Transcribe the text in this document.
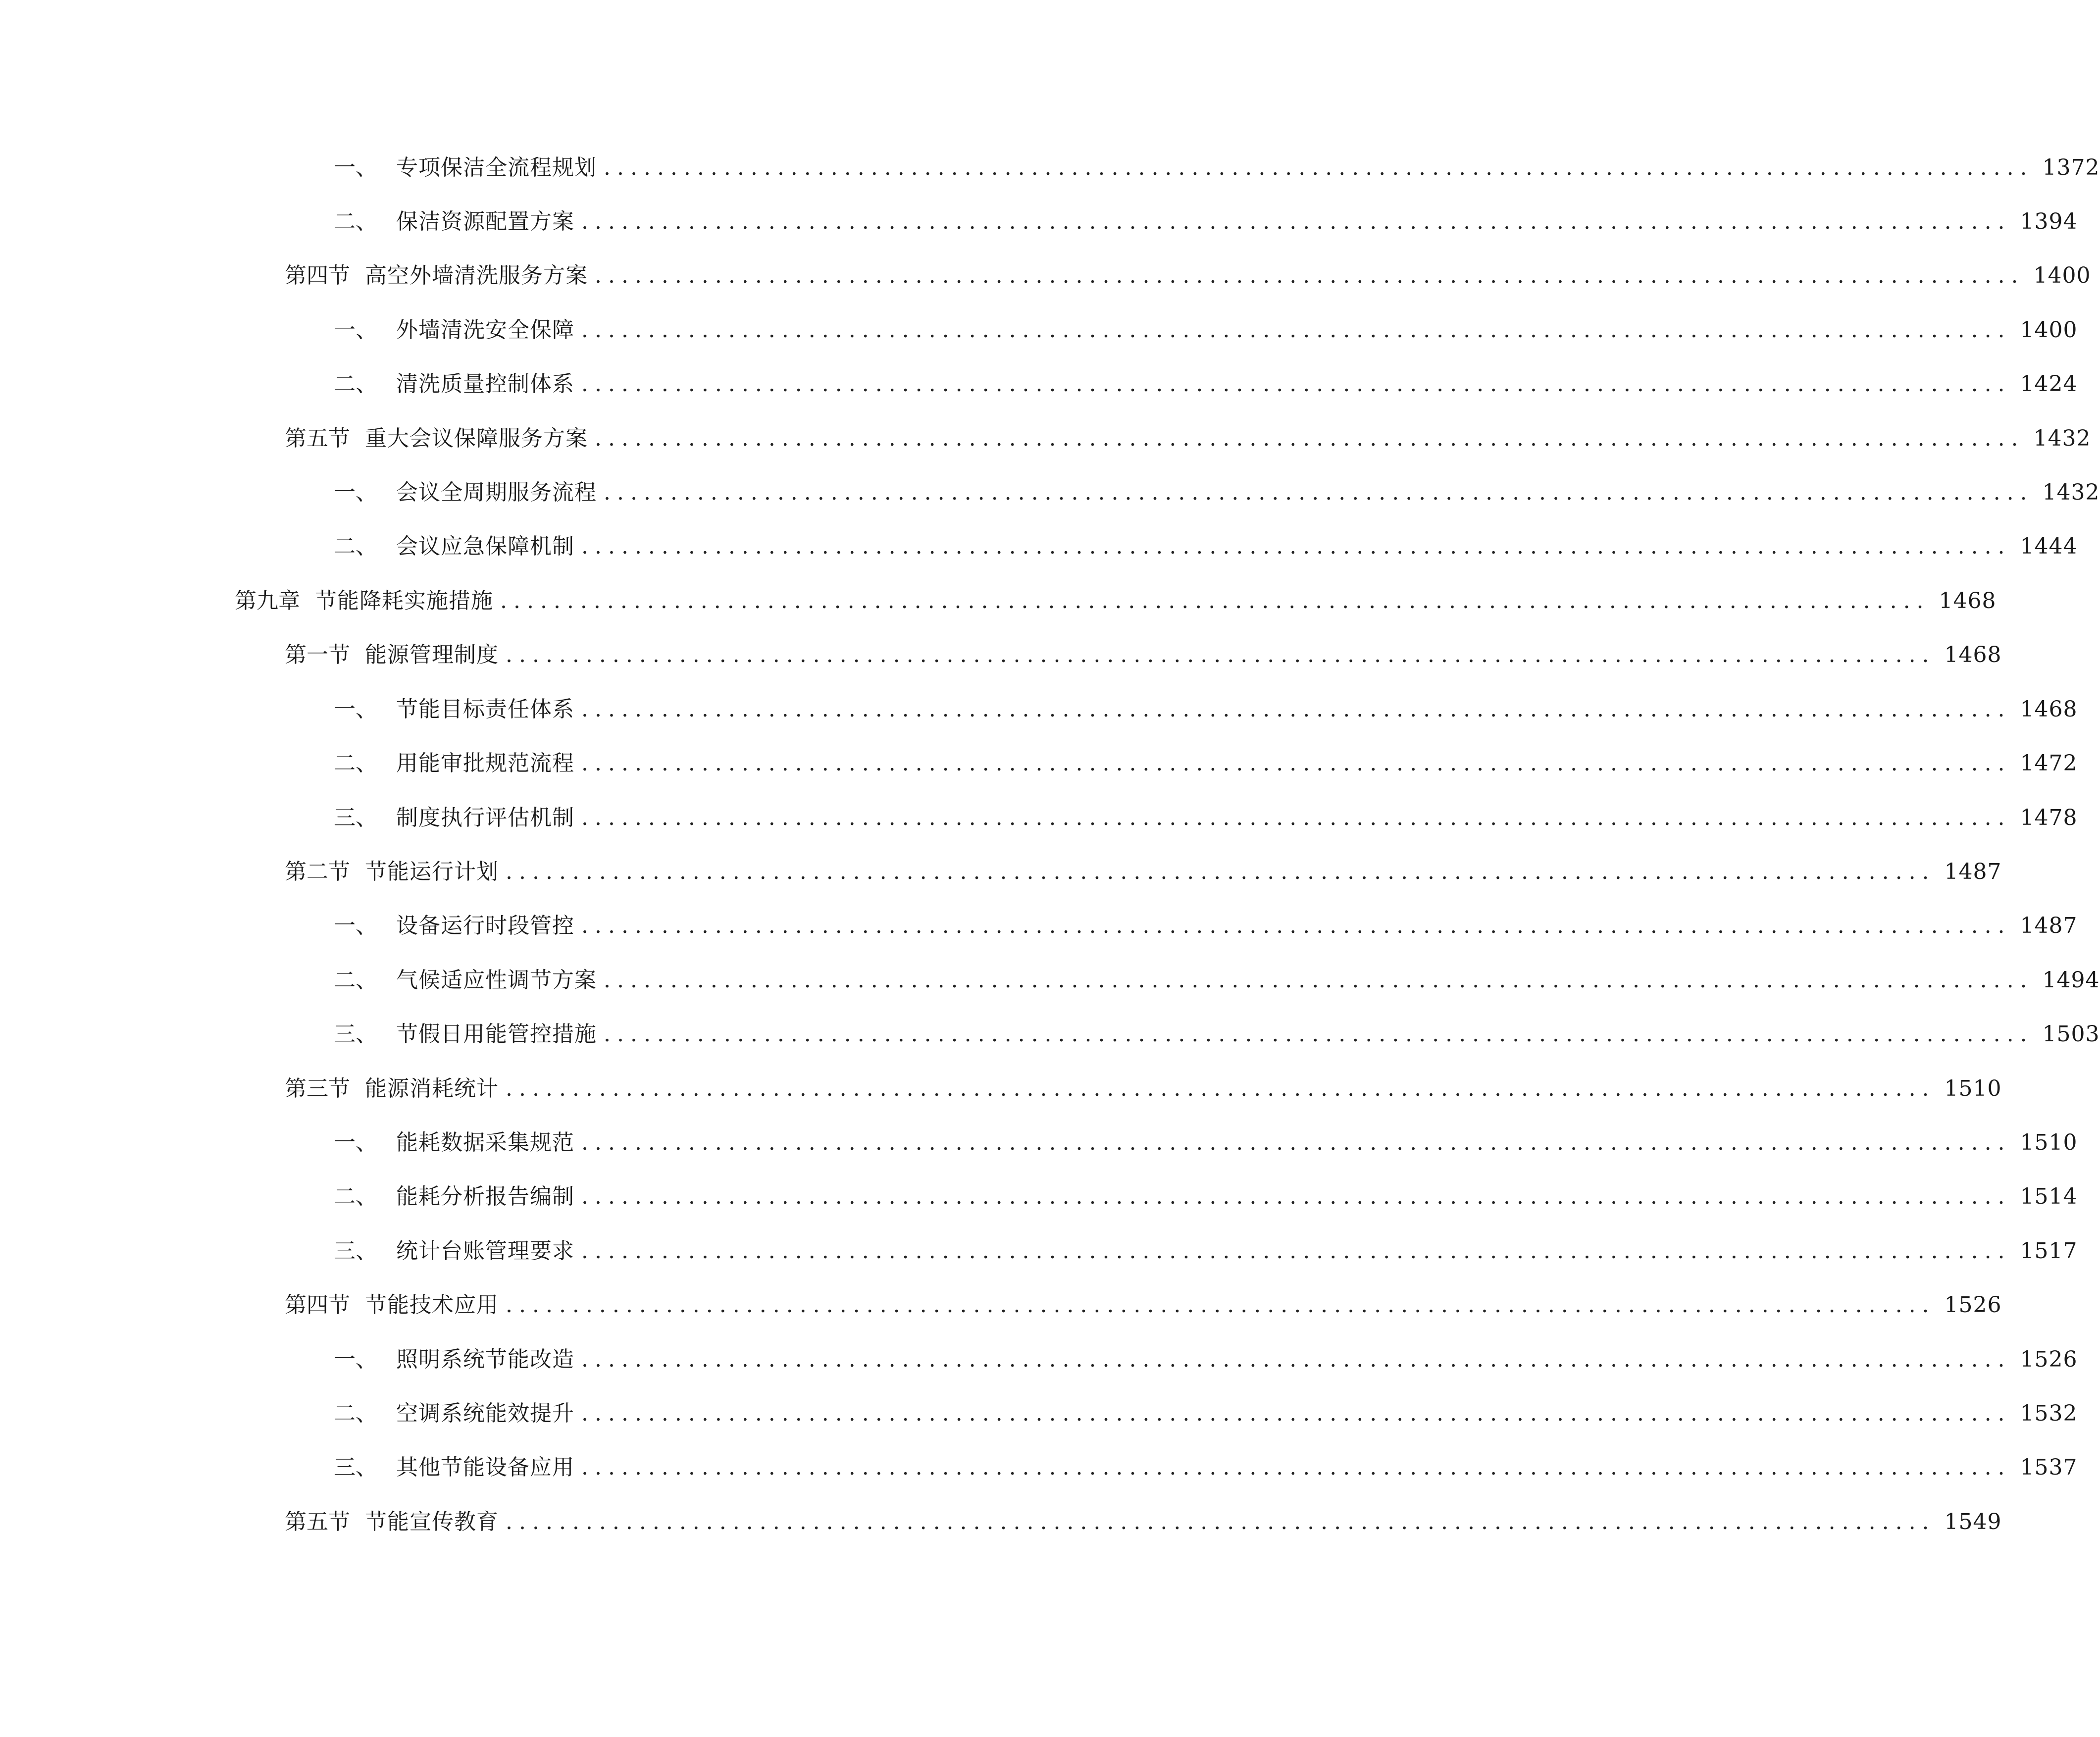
一、 专项保洁全流程规划 ........................................................................................................... 1372
二、 保洁资源配置方案 ........................................................................................................... 1394
第四节 高空外墙清洗服务方案 ........................................................................................................... 1400
一、 外墙清洗安全保障 ........................................................................................................... 1400
二、 清洗质量控制体系 ........................................................................................................... 1424
第五节 重大会议保障服务方案 ........................................................................................................... 1432
一、 会议全周期服务流程 ........................................................................................................... 1432
二、 会议应急保障机制 ........................................................................................................... 1444
第九章 节能降耗实施措施 ........................................................................................................... 1468
第一节 能源管理制度 ........................................................................................................... 1468
一、 节能目标责任体系 ........................................................................................................... 1468
二、 用能审批规范流程 ........................................................................................................... 1472
三、 制度执行评估机制 ........................................................................................................... 1478
第二节 节能运行计划 ........................................................................................................... 1487
一、 设备运行时段管控 ........................................................................................................... 1487
二、 气候适应性调节方案 ........................................................................................................... 1494
三、 节假日用能管控措施 ........................................................................................................... 1503
第三节 能源消耗统计 ........................................................................................................... 1510
一、 能耗数据采集规范 ........................................................................................................... 1510
二、 能耗分析报告编制 ........................................................................................................... 1514
三、 统计台账管理要求 ........................................................................................................... 1517
第四节 节能技术应用 ........................................................................................................... 1526
一、 照明系统节能改造 ........................................................................................................... 1526
二、 空调系统能效提升 ........................................................................................................... 1532
三、 其他节能设备应用 ........................................................................................................... 1537
第五节 节能宣传教育 ........................................................................................................... 1549
